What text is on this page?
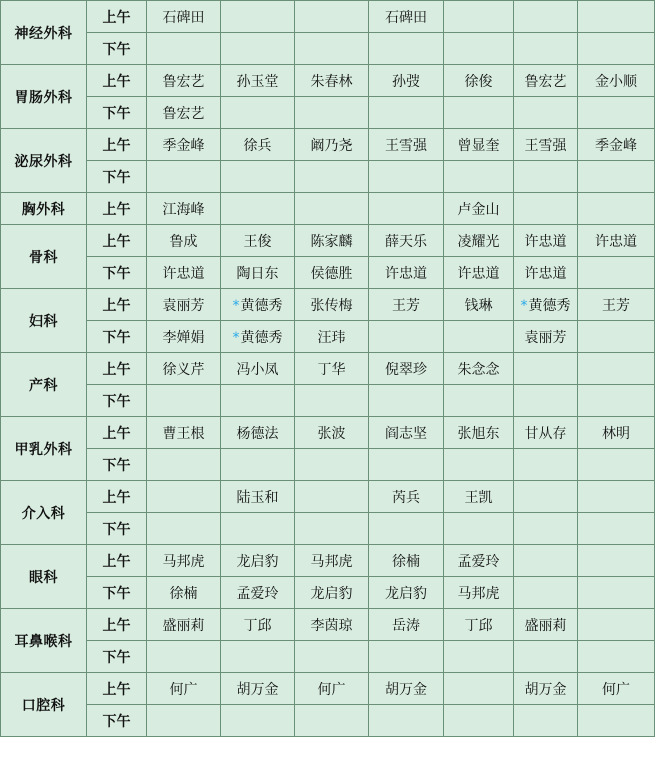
神经外科	上午	石碑田			石碑田			
	下午							
胃肠外科	上午	鲁宏艺	孙玉堂	朱春林	孙弢	徐俊	鲁宏艺	金小顺
	下午	鲁宏艺						
泌尿外科	上午	季金峰	徐兵	阚乃尧	王雪强	曾显奎	王雪强	季金峰
	下午							
胸外科	上午	江海峰				卢金山		
骨科	上午	鲁成	王俊	陈家麟	薛天乐	凌耀光	许忠道	许忠道
	下午	许忠道	陶日东	侯德胜	许忠道	许忠道	许忠道	
妇科	上午	袁丽芳	*黄德秀	张传梅	王芳	钱琳	*黄德秀	王芳
	下午	李婵娟	*黄德秀	汪玮			袁丽芳	
产科	上午	徐义芹	冯小凤	丁华	倪翠珍	朱念念		
	下午							
甲乳外科	上午	曹王根	杨德法	张波	阎志坚	张旭东	甘从存	林明
	下午							
介入科	上午		陆玉和		芮兵	王凯		
	下午							
眼科	上午	马邦虎	龙启豹	马邦虎	徐楠	孟爱玲		
	下午	徐楠	孟爱玲	龙启豹	龙启豹	马邦虎		
耳鼻喉科	上午	盛丽莉	丁邱	李茵琼	岳涛	丁邱	盛丽莉	
	下午							
口腔科	上午	何广	胡万金	何广	胡万金		胡万金	何广
	下午							
